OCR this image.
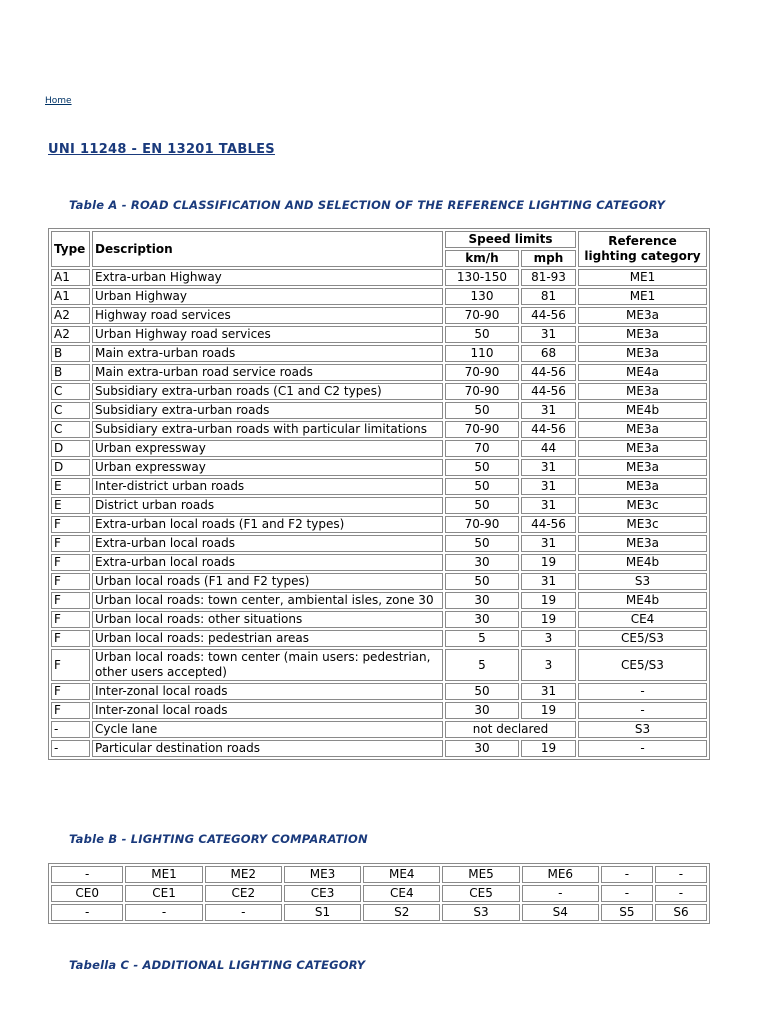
Home
UNI 11248 - EN 13201 TABLES

Table A - ROAD CLASSIFICATION AND SELECTION OF THE REFERENCE LIGHTING CATEGORY

Type	Description	Speed limits		Reference lighting category
		km/h	mph	
A1	Extra-urban Highway	130-150	81-93	ME1
A1	Urban Highway	130	81	ME1
A2	Highway road services	70-90	44-56	ME3a
A2	Urban Highway road services	50	31	ME3a
B	Main extra-urban roads	110	68	ME3a
B	Main extra-urban road service roads	70-90	44-56	ME4a
C	Subsidiary extra-urban roads (C1 and C2 types)	70-90	44-56	ME3a
C	Subsidiary extra-urban roads	50	31	ME4b
C	Subsidiary extra-urban roads with particular limitations	70-90	44-56	ME3a
D	Urban expressway	70	44	ME3a
D	Urban expressway	50	31	ME3a
E	Inter-district urban roads	50	31	ME3a
E	District urban roads	50	31	ME3c
F	Extra-urban local roads (F1 and F2 types)	70-90	44-56	ME3c
F	Extra-urban local roads	50	31	ME3a
F	Extra-urban local roads	30	19	ME4b
F	Urban local roads (F1 and F2 types)	50	31	S3
F	Urban local roads: town center, ambiental isles, zone 30	30	19	ME4b
F	Urban local roads: other situations	30	19	CE4
F	Urban local roads: pedestrian areas	5	3	CE5/S3
F	Urban local roads: town center (main users: pedestrian, other users accepted)	5	3	CE5/S3
F	Inter-zonal local roads	50	31	-
F	Inter-zonal local roads	30	19	-
-	Cycle lane	not declared		S3
-	Particular destination roads	30	19	-

Table B - LIGHTING CATEGORY COMPARATION

-	ME1	ME2	ME3	ME4	ME5	ME6	-	-
CE0	CE1	CE2	CE3	CE4	CE5	-	-	-
-	-	-	S1	S2	S3	S4	S5	S6

Tabella C - ADDITIONAL LIGHTING CATEGORY
